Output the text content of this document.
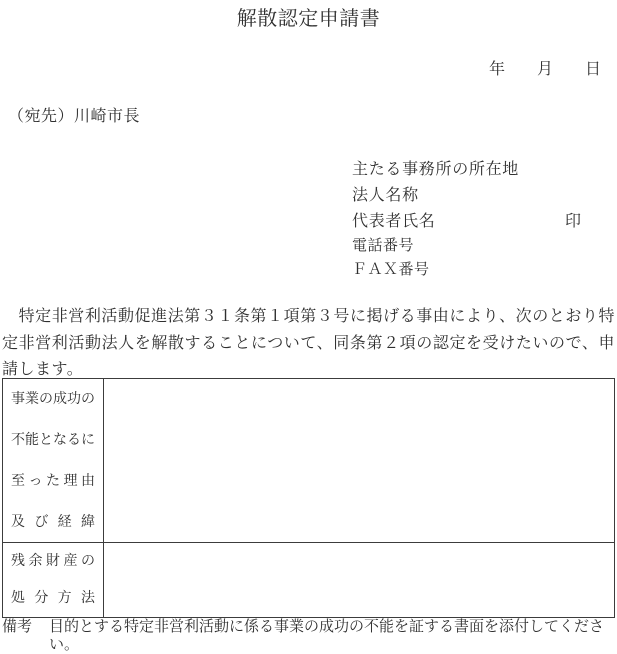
解散認定申請書
年 月 日
（宛先）川崎市長
主たる事務所の所在地
法人名称
代表者氏名	印
電話番号
ＦＡＸ番号
　特定非営利活動促進法第３１条第１項第３号に掲げる事由により、次のとおり特定非営利活動法人を解散することについて、同条第２項の認定を受けたいので、申請します。
事業の成功の
不能となるに
至った理由
及び経緯
残余財産の
処分方法
備考 目的とする特定非営利活動に係る事業の成功の不能を証する書面を添付してください。
